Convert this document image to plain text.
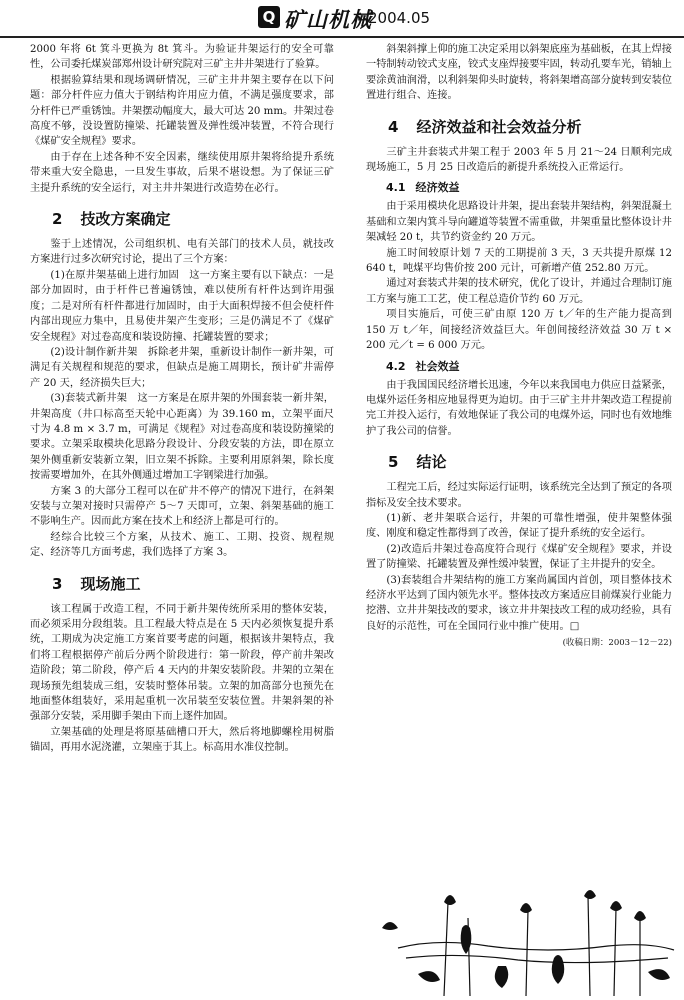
Q 矿山机械
2004.05

2000 年将 6t 箕斗更换为 8t 箕斗。为验证井架运行的安全可靠性，公司委托煤炭部郑州设计研究院对三矿主井井架进行了验算。

根据验算结果和现场调研情况，三矿主井井架主要存在以下问题：部分杆件应力值大于钢结构许用应力值，不满足强度要求，部分杆件已严重锈蚀。井架摆动幅度大，最大可达 20 mm。井架过卷高度不够，没设置防撞梁、托罐装置及弹性缓冲装置，不符合现行《煤矿安全规程》要求。

由于存在上述各种不安全因素，继续使用原井架将给提升系统带来重大安全隐患，一旦发生事故，后果不堪设想。为了保证三矿主提升系统的安全运行，对主井井架进行改造势在必行。

2 技改方案确定

鉴于上述情况，公司组织机、电有关部门的技术人员，就技改方案进行过多次研究讨论，提出了三个方案：

(1)在原井架基础上进行加固　这一方案主要有以下缺点：一是部分加固时，由于杆件已普遍锈蚀，难以使所有杆件达到许用强度；二是对所有杆件都进行加固时，由于大面积焊接不但会使杆件内部出现应力集中，且易使井架产生变形；三是仍满足不了《煤矿安全规程》对过卷高度和装设防撞、托罐装置的要求；

(2)设计制作新井架　拆除老井架，重新设计制作一新井架，可满足有关规程和规范的要求，但缺点是施工周期长，预计矿井需停产 20 天，经济损失巨大；

(3)套装式新井架　这一方案是在原井架的外围套装一新井架，井架高度（井口标高至天轮中心距离）为 39.160 m，立架平面尺寸为 4.8 m × 3.7 m，可满足《规程》对过卷高度和装设防撞梁的要求。立架采取模块化思路分段设计、分段安装的方法，即在原立架外侧重新安装新立架，旧立架不拆除。主要利用原斜架，除长度按需要增加外，在其外侧通过增加工字钢梁进行加强。

方案 3 的大部分工程可以在矿井不停产的情况下进行，在斜架安装与立架对接时只需停产 5～7 天即可，立架、斜架基础的施工不影响生产。因而此方案在技术上和经济上都是可行的。

经综合比较三个方案，从技术、施工、工期、投资、规程规定、经济等几方面考虑，我们选择了方案 3。

3 现场施工

该工程属于改造工程，不同于新井架传统所采用的整体安装，而必须采用分段组装。且工程最大特点是在 5 天内必须恢复提升系统，工期成为决定施工方案首要考虑的问题，根据该井架特点，我们将工程根据停产前后分两个阶段进行：第一阶段，停产前井架改造阶段；第二阶段，停产后 4 天内的井架安装阶段。井架的立架在现场预先组装成三组，安装时整体吊装。立架的加高部分也预先在地面整体组装好，采用起重机一次吊装至安装位置。井架斜架的补强部分安装，采用脚手架由下而上逐件加固。

立架基础的处理是将原基础槽口开大，然后将地脚螺栓用树脂锚固，再用水泥浇灌，立架座于其上。标高用水准仪控制。

斜架斜撑上仰的施工决定采用以斜架底座为基础板，在其上焊接一特制转动铰式支座，铰式支座焊接要牢固，转动孔要车光，销轴上要涂黄油润滑，以利斜架仰头时旋转，将斜架增高部分旋转到安装位置进行组合、连接。

4 经济效益和社会效益分析

三矿主井套装式井架工程于 2003 年 5 月 21～24 日顺利完成现场施工，5 月 25 日改造后的新提升系统投入正常运行。

4.1 经济效益

由于采用模块化思路设计井架，提出套装井架结构，斜架混凝土基础和立架内箕斗导向罐道等装置不需重做，井架重量比整体设计井架减轻 20 t，共节约资金约 20 万元。

施工时间较原计划 7 天的工期提前 3 天，3 天共提升原煤 12 640 t，吨煤平均售价按 200 元计，可新增产值 252.80 万元。

通过对套装式井架的技术研究，优化了设计，并通过合理制订施工方案与施工工艺，使工程总造价节约 60 万元。

项目实施后，可使三矿由原 120 万 t／年的生产能力提高到 150 万 t／年，间接经济效益巨大。年创间接经济效益 30 万 t × 200 元／t = 6 000 万元。

4.2 社会效益

由于我国国民经济增长迅速，今年以来我国电力供应日益紧张，电煤外运任务相应地显得更为迫切。由于三矿主井井架改造工程提前完工并投入运行，有效地保证了我公司的电煤外运，同时也有效地维护了我公司的信誉。

5 结论

工程完工后，经过实际运行证明，该系统完全达到了预定的各项指标及安全技术要求。

(1)新、老井架联合运行，井架的可靠性增强，使井架整体强度、刚度和稳定性都得到了改善，保证了提升系统的安全运行。

(2)改造后井架过卷高度符合现行《煤矿安全规程》要求，并设置了防撞梁、托罐装置及弹性缓冲装置，保证了主井提升的安全。

(3)套装组合井架结构的施工方案尚属国内首创，项目整体技术经济水平达到了国内领先水平。整体技改方案适应目前煤炭行业能力挖潜、立井井架技改的要求，该立井井架技改工程的成功经验，具有良好的示范性，可在全国同行业中推广使用。□

(收稿日期：2003－12－22)
